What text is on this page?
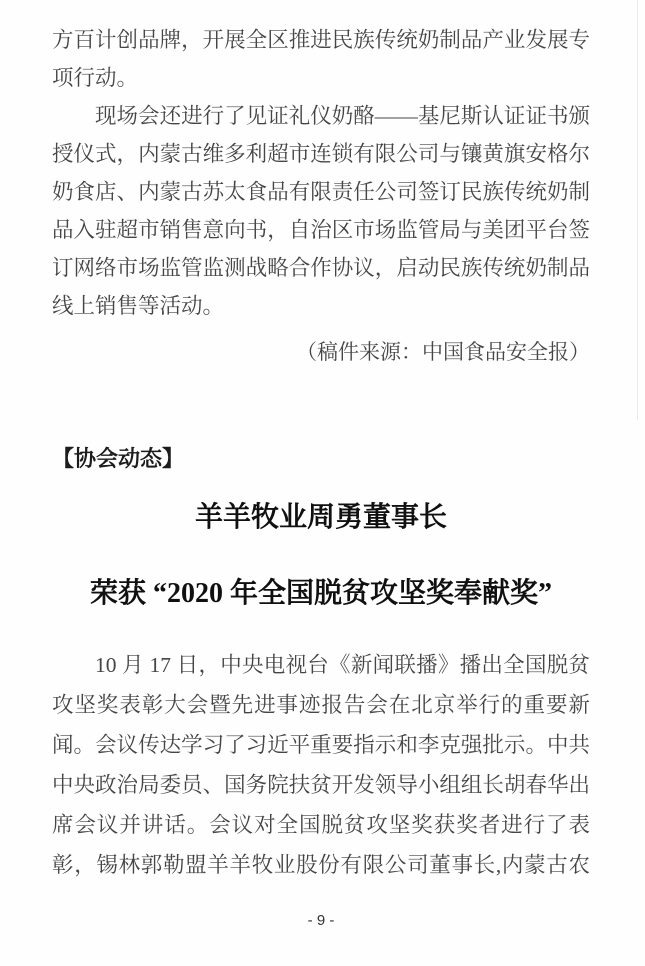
方百计创品牌，开展全区推进民族传统奶制品产业发展专
项行动。
现场会还进行了见证礼仪奶酪——基尼斯认证证书颁
授仪式，内蒙古维多利超市连锁有限公司与镶黄旗安格尔
奶食店、内蒙古苏太食品有限责任公司签订民族传统奶制
品入驻超市销售意向书，自治区市场监管局与美团平台签
订网络市场监管监测战略合作协议，启动民族传统奶制品
线上销售等活动。
（稿件来源：中国食品安全报）
【协会动态】
羊羊牧业周勇董事长
荣获 “2020 年全国脱贫攻坚奖奉献奖”
10 月 17 日，中央电视台《新闻联播》播出全国脱贫
攻坚奖表彰大会暨先进事迹报告会在北京举行的重要新
闻。会议传达学习了习近平重要指示和李克强批示。中共
中央政治局委员、国务院扶贫开发领导小组组长胡春华出
席会议并讲话。会议对全国脱贫攻坚奖获奖者进行了表
彰，锡林郭勒盟羊羊牧业股份有限公司董事长,内蒙古农
- 9 -
